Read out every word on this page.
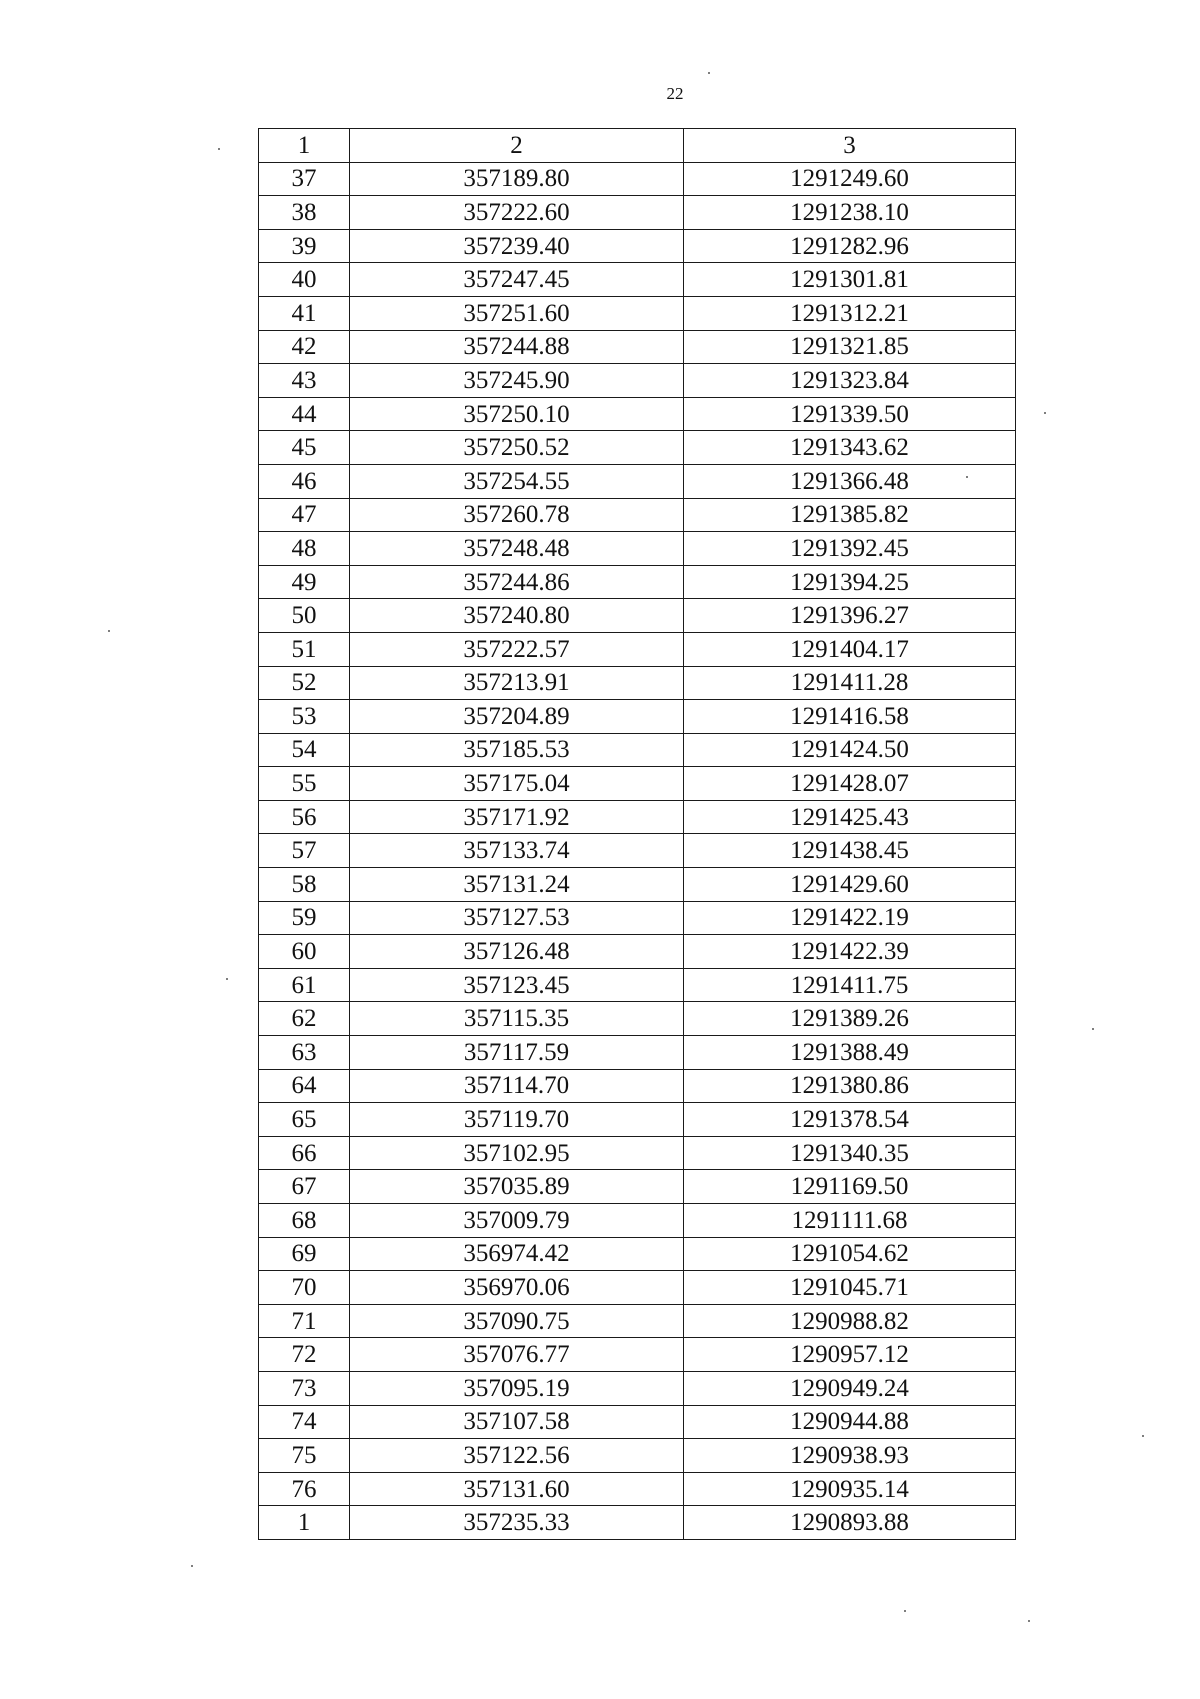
22
1	2	3
37	357189.80	1291249.60
38	357222.60	1291238.10
39	357239.40	1291282.96
40	357247.45	1291301.81
41	357251.60	1291312.21
42	357244.88	1291321.85
43	357245.90	1291323.84
44	357250.10	1291339.50
45	357250.52	1291343.62
46	357254.55	1291366.48
47	357260.78	1291385.82
48	357248.48	1291392.45
49	357244.86	1291394.25
50	357240.80	1291396.27
51	357222.57	1291404.17
52	357213.91	1291411.28
53	357204.89	1291416.58
54	357185.53	1291424.50
55	357175.04	1291428.07
56	357171.92	1291425.43
57	357133.74	1291438.45
58	357131.24	1291429.60
59	357127.53	1291422.19
60	357126.48	1291422.39
61	357123.45	1291411.75
62	357115.35	1291389.26
63	357117.59	1291388.49
64	357114.70	1291380.86
65	357119.70	1291378.54
66	357102.95	1291340.35
67	357035.89	1291169.50
68	357009.79	1291111.68
69	356974.42	1291054.62
70	356970.06	1291045.71
71	357090.75	1290988.82
72	357076.77	1290957.12
73	357095.19	1290949.24
74	357107.58	1290944.88
75	357122.56	1290938.93
76	357131.60	1290935.14
1	357235.33	1290893.88
